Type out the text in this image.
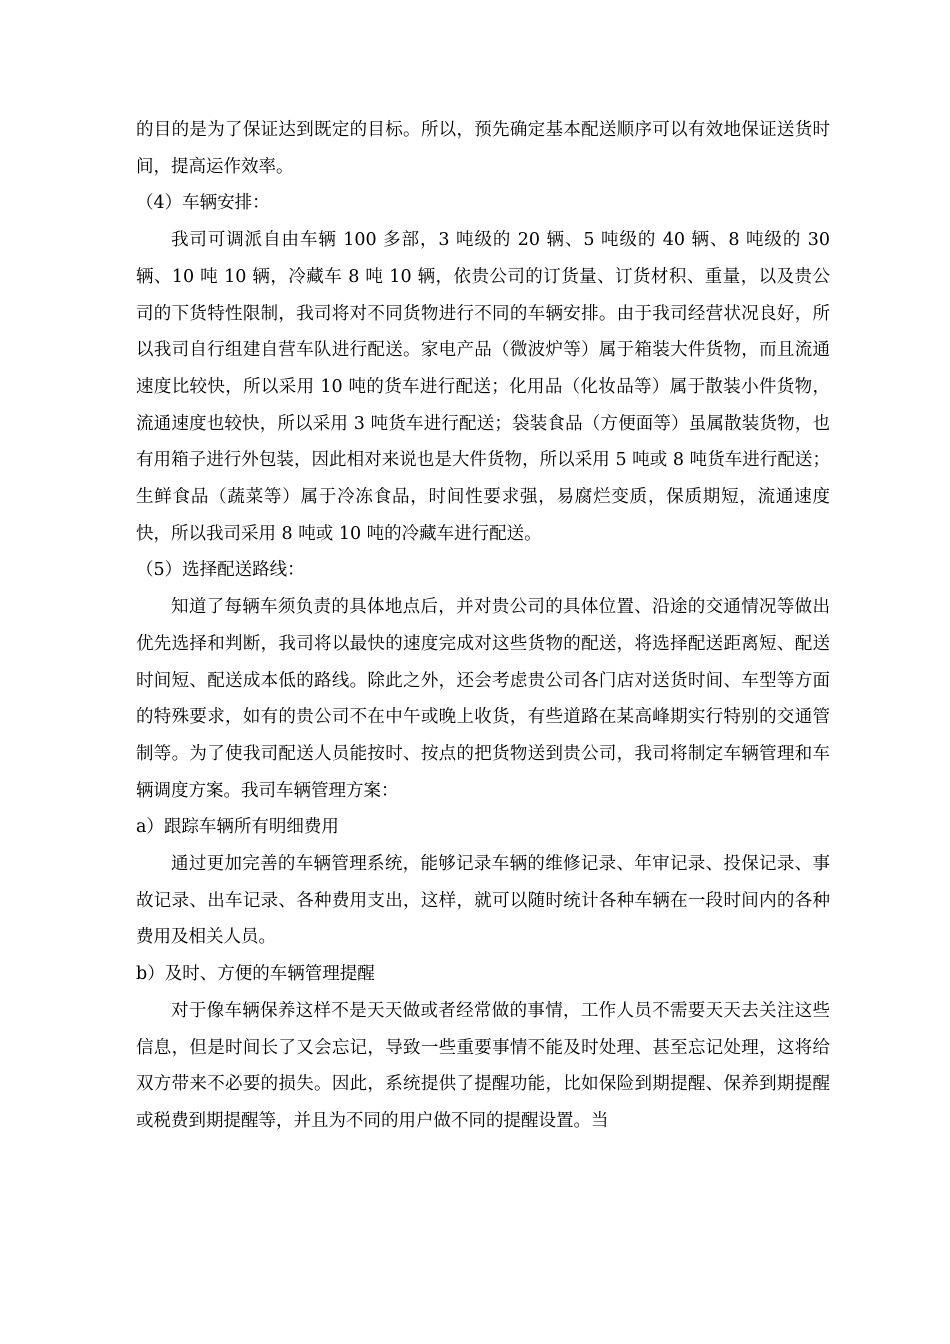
的目的是为了保证达到既定的目标。所以，预先确定基本配送顺序可以有效地保证送货时间，提高运作效率。

（4）车辆安排：

我司可调派自由车辆 100 多部，3 吨级的 20 辆、5 吨级的 40 辆、8 吨级的 30 辆、10 吨 10 辆，冷藏车 8 吨 10 辆，依贵公司的订货量、订货材积、重量，以及贵公司的下货特性限制，我司将对不同货物进行不同的车辆安排。由于我司经营状况良好，所以我司自行组建自营车队进行配送。家电产品（微波炉等）属于箱装大件货物，而且流通速度比较快，所以采用 10 吨的货车进行配送；化用品（化妆品等）属于散装小件货物，流通速度也较快，所以采用 3 吨货车进行配送；袋装食品（方便面等）虽属散装货物，也有用箱子进行外包装，因此相对来说也是大件货物，所以采用 5 吨或 8 吨货车进行配送；生鲜食品（蔬菜等）属于冷冻食品，时间性要求强，易腐烂变质，保质期短，流通速度快，所以我司采用 8 吨或 10 吨的冷藏车进行配送。

（5）选择配送路线：

知道了每辆车须负责的具体地点后，并对贵公司的具体位置、沿途的交通情况等做出优先选择和判断，我司将以最快的速度完成对这些货物的配送，将选择配送距离短、配送时间短、配送成本低的路线。除此之外，还会考虑贵公司各门店对送货时间、车型等方面的特殊要求，如有的贵公司不在中午或晚上收货，有些道路在某高峰期实行特别的交通管制等。为了使我司配送人员能按时、按点的把货物送到贵公司，我司将制定车辆管理和车辆调度方案。我司车辆管理方案：

a）跟踪车辆所有明细费用

通过更加完善的车辆管理系统，能够记录车辆的维修记录、年审记录、投保记录、事故记录、出车记录、各种费用支出，这样，就可以随时统计各种车辆在一段时间内的各种费用及相关人员。

b）及时、方便的车辆管理提醒

对于像车辆保养这样不是天天做或者经常做的事情，工作人员不需要天天去关注这些信息，但是时间长了又会忘记，导致一些重要事情不能及时处理、甚至忘记处理，这将给双方带来不必要的损失。因此，系统提供了提醒功能，比如保险到期提醒、保养到期提醒或税费到期提醒等，并且为不同的用户做不同的提醒设置。当
